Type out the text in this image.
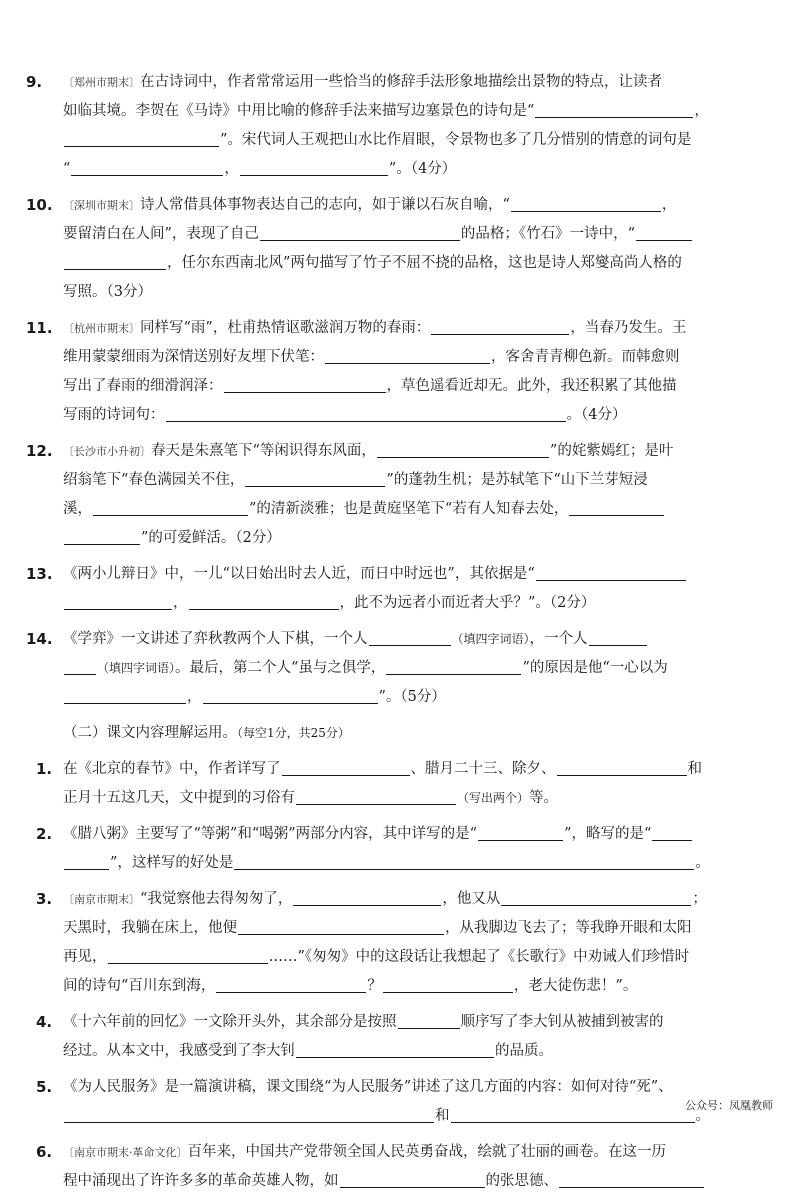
9. 〔郑州市期末〕在古诗词中，作者常常运用一些恰当的修辞手法形象地描绘出景物的特点，让读者
如临其境。李贺在《马诗》中用比喻的修辞手法来描写边塞景色的诗句是“	，
”。宋代词人王观把山水比作眉眼，令景物也多了几分惜别的情意的词句是
“	，	”。（4分）
10. 〔深圳市期末〕诗人常借具体事物表达自己的志向，如于谦以石灰自喻，“	，
要留清白在人间”，表现了自己	的品格；《竹石》一诗中，“
，任尔东西南北风”两句描写了竹子不屈不挠的品格，这也是诗人郑燮高尚人格的
写照。（3分）
11. 〔杭州市期末〕同样写“雨”，杜甫热情讴歌滋润万物的春雨：	，当春乃发生。王
维用蒙蒙细雨为深情送别好友埋下伏笔：	，客舍青青柳色新。而韩愈则
写出了春雨的细滑润泽：	，草色遥看近却无。此外，我还积累了其他描
写雨的诗词句：	。（4分）
12. 〔长沙市小升初〕春天是朱熹笔下“等闲识得东风面，	”的姹紫嫣红；是叶
绍翁笔下“春色满园关不住，	”的蓬勃生机；是苏轼笔下“山下兰芽短浸
溪，	”的清新淡雅；也是黄庭坚笔下“若有人知春去处，
”的可爱鲜活。（2分）
13. 《两小儿辩日》中，一儿“以日始出时去人近，而日中时远也”，其依据是“
，	，此不为远者小而近者大乎？”。（2分）
14. 《学弈》一文讲述了弈秋教两个人下棋，一个人	（填四字词语），一个人
（填四字词语）。最后，第二个人“虽与之俱学，	”的原因是他“一心以为
，	”。（5分）
（二）课文内容理解运用。（每空1分，共25分）
1. 在《北京的春节》中，作者详写了	、腊月二十三、除夕、	和
正月十五这几天，文中提到的习俗有	（写出两个）等。
2. 《腊八粥》主要写了“等粥”和“喝粥”两部分内容，其中详写的是“	”，略写的是“
”，这样写的好处是	。
3. 〔南京市期末〕“我觉察他去得匆匆了，	，他又从	；
天黑时，我躺在床上，他便	，从我脚边飞去了；等我睁开眼和太阳
再见，	……”《匆匆》中的这段话让我想起了《长歌行》中劝诫人们珍惜时
间的诗句“百川东到海，	？	，老大徒伤悲！”。
4. 《十六年前的回忆》一文除开头外，其余部分是按照	顺序写了李大钊从被捕到被害的
经过。从本文中，我感受到了李大钊	的品质。
5. 《为人民服务》是一篇演讲稿，课文围绕“为人民服务”讲述了这几方面的内容：如何对待“死”、
和	。
6. 〔南京市期末·革命文化〕百年来，中国共产党带领全国人民英勇奋战，绘就了壮丽的画卷。在这一历
程中涌现出了许许多多的革命英雄人物，如	的张思德、
公众号：凤凰教师
